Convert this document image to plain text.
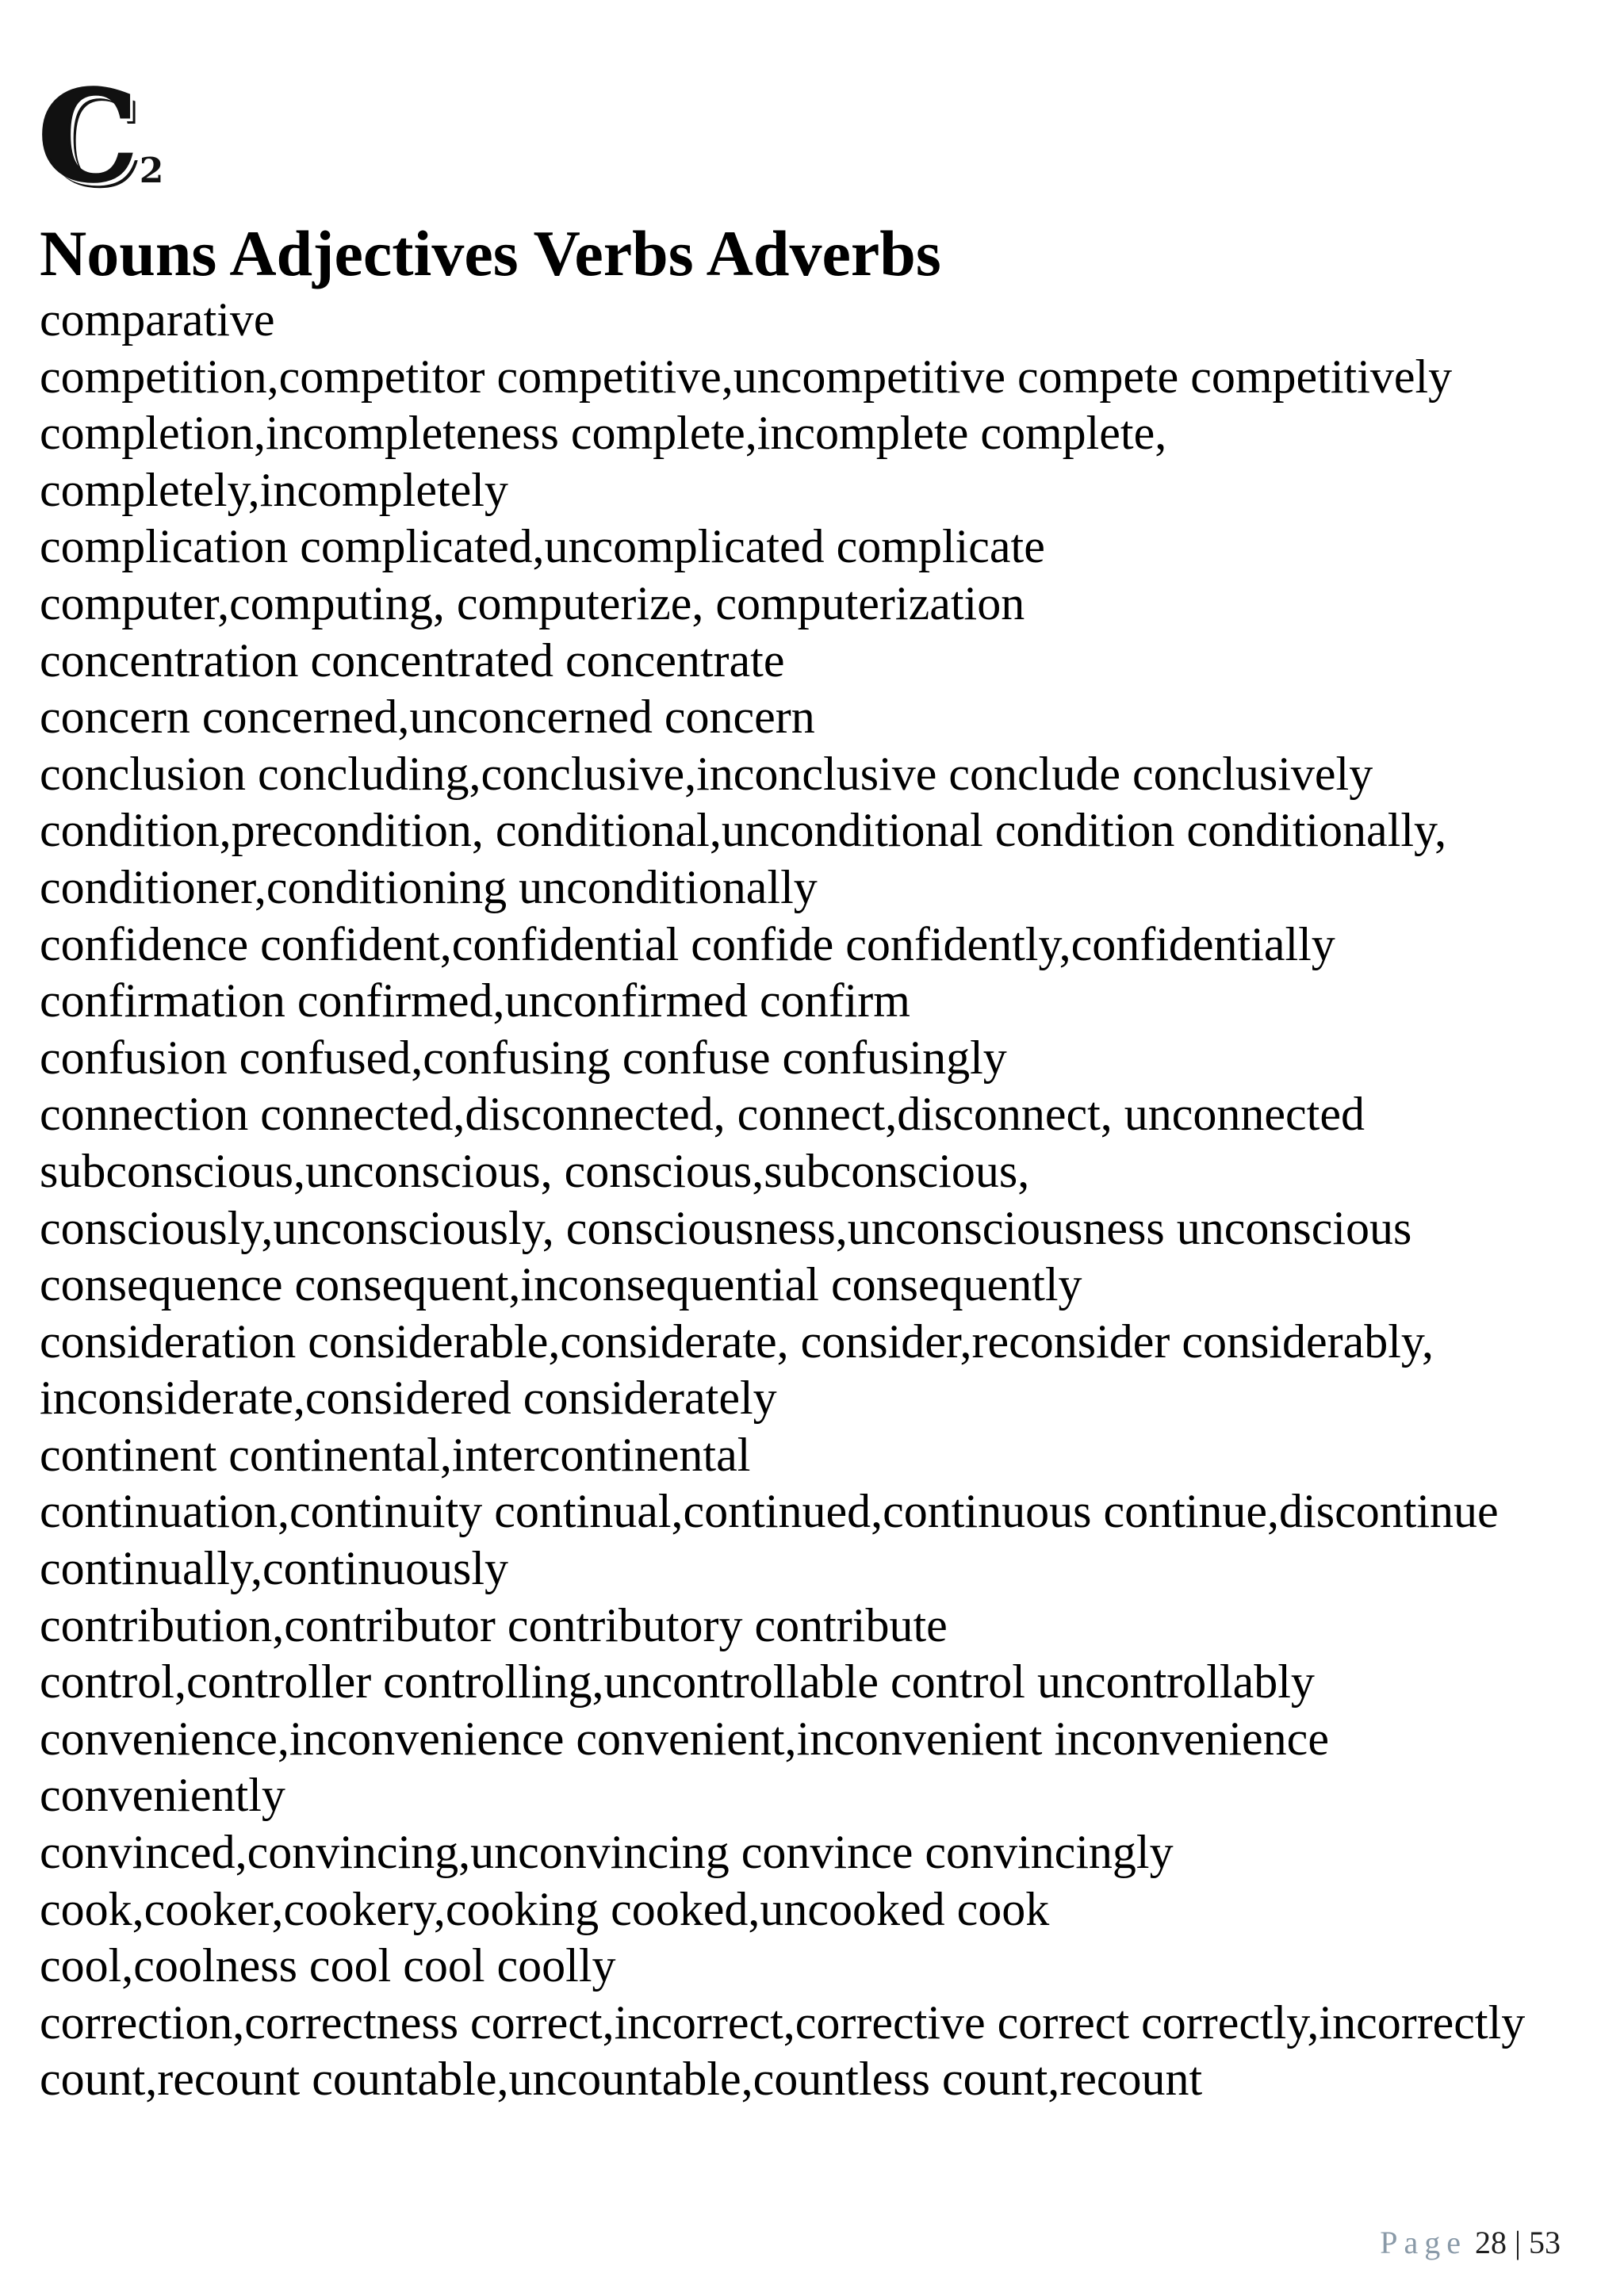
C 2
Nouns Adjectives Verbs Adverbs
comparative
competition,competitor competitive,uncompetitive compete competitively
completion,incompleteness complete,incomplete complete,
completely,incompletely
complication complicated,uncomplicated complicate
computer,computing, computerize, computerization
concentration concentrated concentrate
concern concerned,unconcerned concern
conclusion concluding,conclusive,inconclusive conclude conclusively
condition,precondition, conditional,unconditional condition conditionally,
conditioner,conditioning unconditionally
confidence confident,confidential confide confidently,confidentially
confirmation confirmed,unconfirmed confirm
confusion confused,confusing confuse confusingly
connection connected,disconnected, connect,disconnect, unconnected
subconscious,unconscious, conscious,subconscious,
consciously,unconsciously, consciousness,unconsciousness unconscious
consequence consequent,inconsequential consequently
consideration considerable,considerate, consider,reconsider considerably,
inconsiderate,considered considerately
continent continental,intercontinental
continuation,continuity continual,continued,continuous continue,discontinue
continually,continuously
contribution,contributor contributory contribute
control,controller controlling,uncontrollable control uncontrollably
convenience,inconvenience convenient,inconvenient inconvenience
conveniently
convinced,convincing,unconvincing convince convincingly
cook,cooker,cookery,cooking cooked,uncooked cook
cool,coolness cool cool coolly
correction,correctness correct,incorrect,corrective correct correctly,incorrectly
count,recount countable,uncountable,countless count,recount
Page 28 | 53
